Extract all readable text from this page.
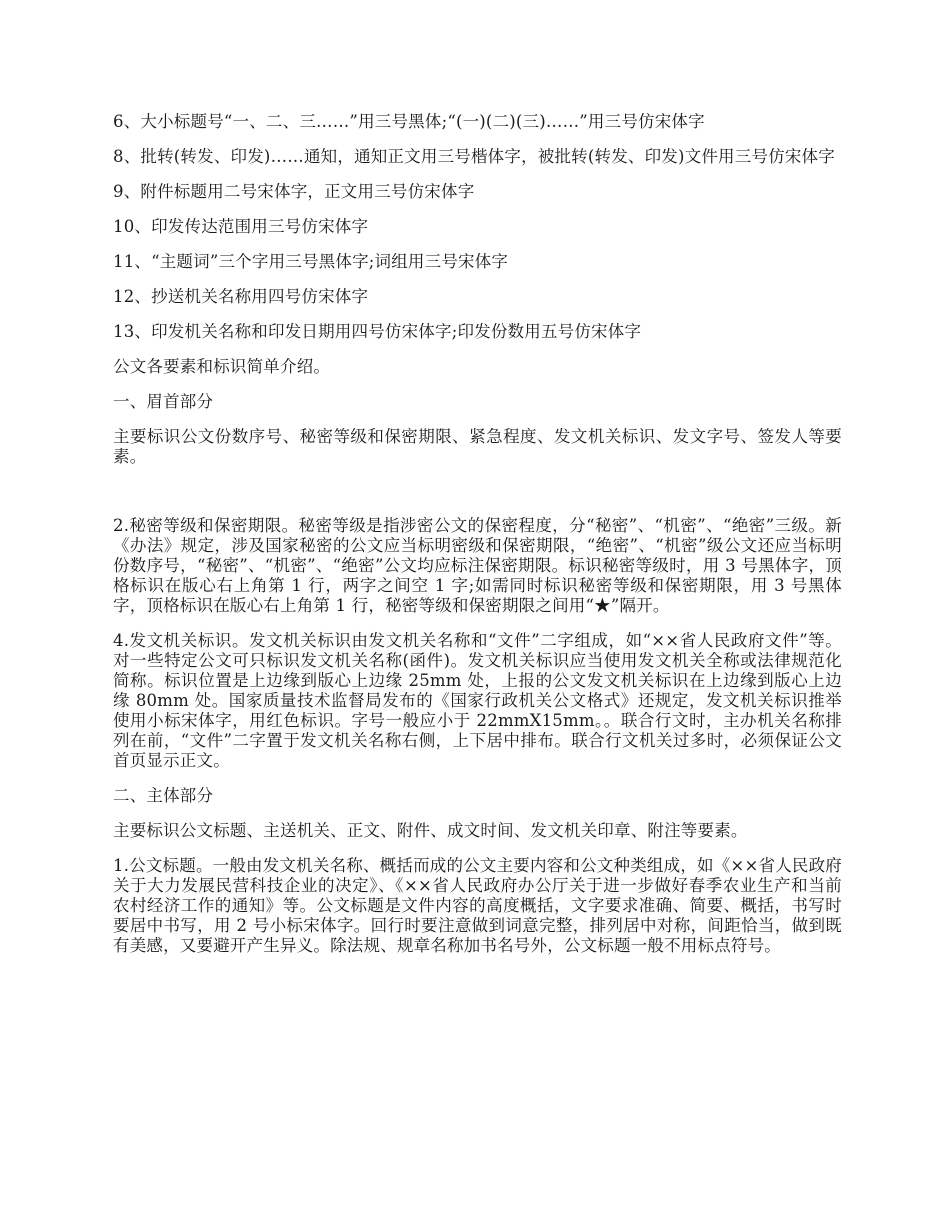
6、大小标题号“一、二、三……”用三号黑体;“(一)(二)(三)……”用三号仿宋体字

8、批转(转发、印发)……通知，通知正文用三号楷体字，被批转(转发、印发)文件用三号仿宋体字

9、附件标题用二号宋体字，正文用三号仿宋体字

10、印发传达范围用三号仿宋体字

11、“主题词”三个字用三号黑体字;词组用三号宋体字

12、抄送机关名称用四号仿宋体字

13、印发机关名称和印发日期用四号仿宋体字;印发份数用五号仿宋体字

公文各要素和标识简单介绍。

一、眉首部分

主要标识公文份数序号、秘密等级和保密期限、紧急程度、发文机关标识、发文字号、签发人等要素。

2.秘密等级和保密期限。秘密等级是指涉密公文的保密程度，分“秘密”、“机密”、“绝密”三级。新《办法》规定，涉及国家秘密的公文应当标明密级和保密期限，“绝密”、“机密”级公文还应当标明份数序号，“秘密”、“机密”、“绝密”公文均应标注保密期限。标识秘密等级时，用 3 号黑体字，顶格标识在版心右上角第 1 行，两字之间空 1 字;如需同时标识秘密等级和保密期限，用 3 号黑体字，顶格标识在版心右上角第 1 行，秘密等级和保密期限之间用“★”隔开。

4.发文机关标识。发文机关标识由发文机关名称和“文件”二字组成，如“××省人民政府文件”等。对一些特定公文可只标识发文机关名称(函件)。发文机关标识应当使用发文机关全称或法律规范化简称。标识位置是上边缘到版心上边缘 25mm 处，上报的公文发文机关标识在上边缘到版心上边缘 80mm 处。国家质量技术监督局发布的《国家行政机关公文格式》还规定，发文机关标识推举使用小标宋体字，用红色标识。字号一般应小于 22mmX15mm。。联合行文时，主办机关名称排列在前，“文件”二字置于发文机关名称右侧，上下居中排布。联合行文机关过多时，必须保证公文首页显示正文。

二、主体部分

主要标识公文标题、主送机关、正文、附件、成文时间、发文机关印章、附注等要素。

1.公文标题。一般由发文机关名称、概括而成的公文主要内容和公文种类组成，如《××省人民政府关于大力发展民营科技企业的决定》、《××省人民政府办公厅关于进一步做好春季农业生产和当前农村经济工作的通知》等。公文标题是文件内容的高度概括，文字要求准确、简要、概括，书写时要居中书写，用 2 号小标宋体字。回行时要注意做到词意完整，排列居中对称，间距恰当，做到既有美感，又要避开产生异义。除法规、规章名称加书名号外，公文标题一般不用标点符号。
